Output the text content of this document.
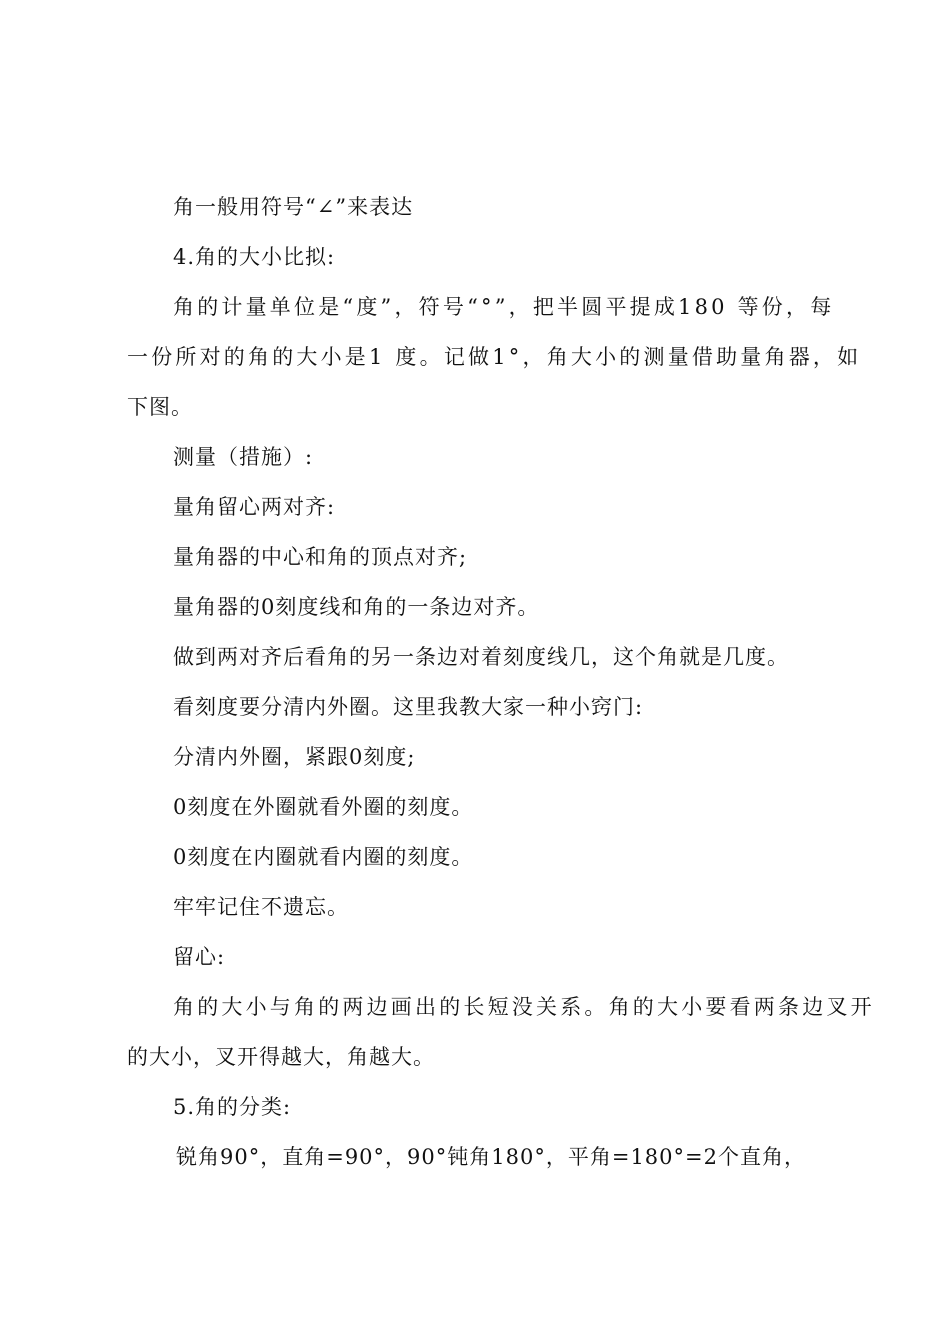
角一般用符号“∠”来表达
4.角的大小比拟:
角的计量单位是“度”，符号“°”，把半圆平提成180 等份，每
一份所对的角的大小是1 度。记做1°，角大小的测量借助量角器，如
下图。
测量（措施）:
量角留心两对齐:
量角器的中心和角的顶点对齐;
量角器的0刻度线和角的一条边对齐。
做到两对齐后看角的另一条边对着刻度线几，这个角就是几度。
看刻度要分清内外圈。这里我教大家一种小窍门:
分清内外圈，紧跟0刻度;
0刻度在外圈就看外圈的刻度。
0刻度在内圈就看内圈的刻度。
牢牢记住不遗忘。
留心:
角的大小与角的两边画出的长短没关系。角的大小要看两条边叉开
的大小，叉开得越大，角越大。
5.角的分类:
锐角90°，直角=90°，90°钝角180°，平角=180°=2个直角，
